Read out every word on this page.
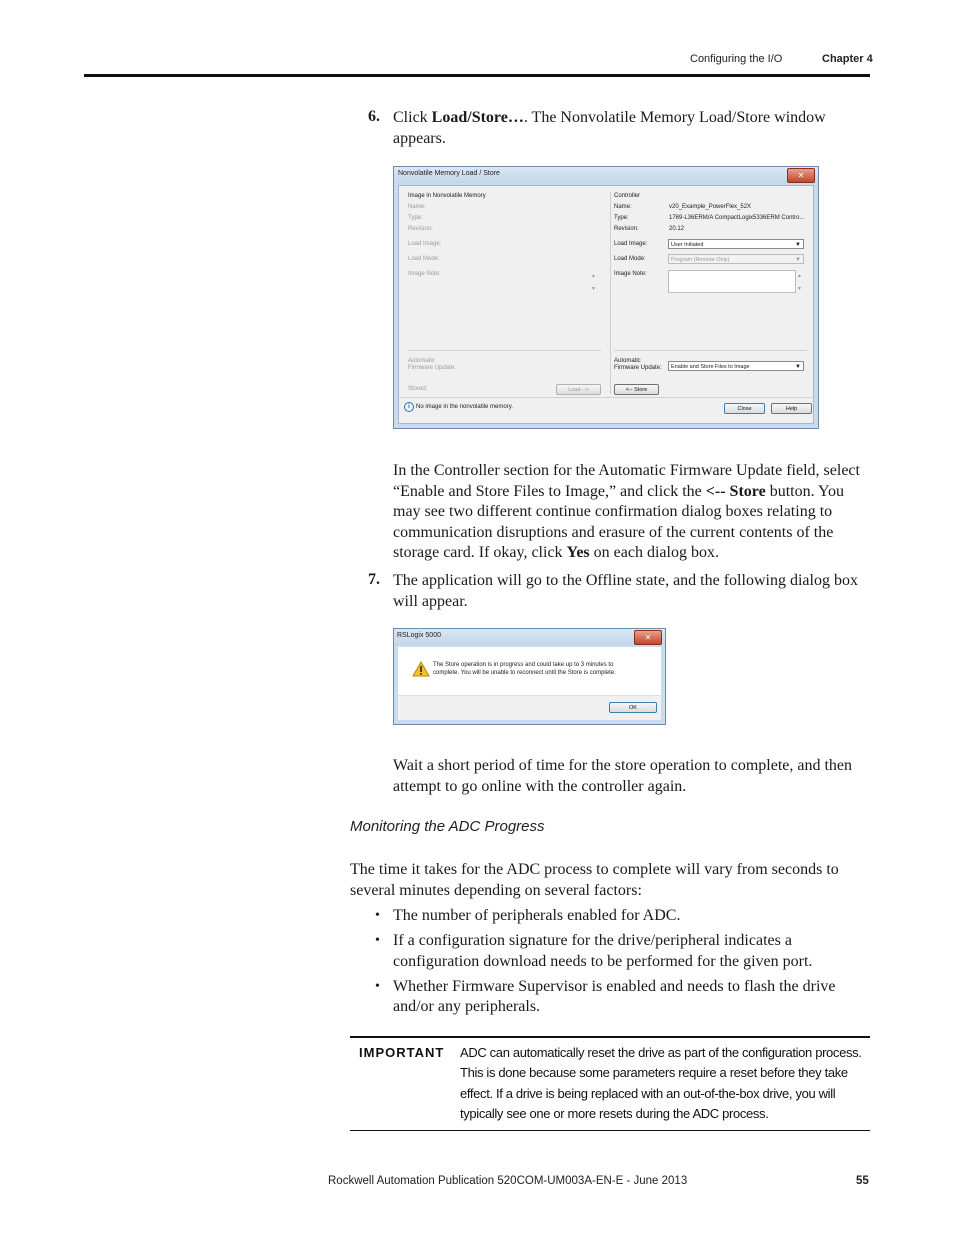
Configuring the I/O	Chapter 4
6. Click Load/Store…. The Nonvolatile Memory Load/Store window appears.
Nonvolatile Memory Load / Store	✕
Image in Nonvolatile Memory
Name:
Type:
Revision:
Load Image:
Load Mode:
Image Note:	▲
▼
Automatic
Firmware Update:
Stored:	Load -->
Controller
Name:	v20_Example_PowerFlex_52X
Type:	1769-L36ERM/A CompactLogix5336ERM Contro...
Revision:	20.12
Load Image:	User Initiated	▼
Load Mode:	Program (Remote Only)	▼
Image Note:	▲
▼
Automatic
Firmware Update:	Enable and Store Files to Image	▼
<-- Store
i	No image in the nonvolatile memory.	Close	Help
In the Controller section for the Automatic Firmware Update field, select “Enable and Store Files to Image,” and click the <-- Store button. You may see two different continue confirmation dialog boxes relating to communication disruptions and erasure of the current contents of the storage card. If okay, click Yes on each dialog box.
7. The application will go to the Offline state, and the following dialog box will appear.
RSLogix 5000	✕
The Store operation is in progress and could take up to 3 minutes to
complete. You will be unable to reconnect until the Store is complete.
OK
Wait a short period of time for the store operation to complete, and then attempt to go online with the controller again.
Monitoring the ADC Progress
The time it takes for the ADC process to complete will vary from seconds to several minutes depending on several factors:
• The number of peripherals enabled for ADC.
• If a configuration signature for the drive/peripheral indicates a configuration download needs to be performed for the given port.
• Whether Firmware Supervisor is enabled and needs to flash the drive and/or any peripherals.
IMPORTANT ADC can automatically reset the drive as part of the configuration process. This is done because some parameters require a reset before they take effect. If a drive is being replaced with an out-of-the-box drive, you will typically see one or more resets during the ADC process.
Rockwell Automation Publication 520COM-UM003A-EN-E - June 2013	55
